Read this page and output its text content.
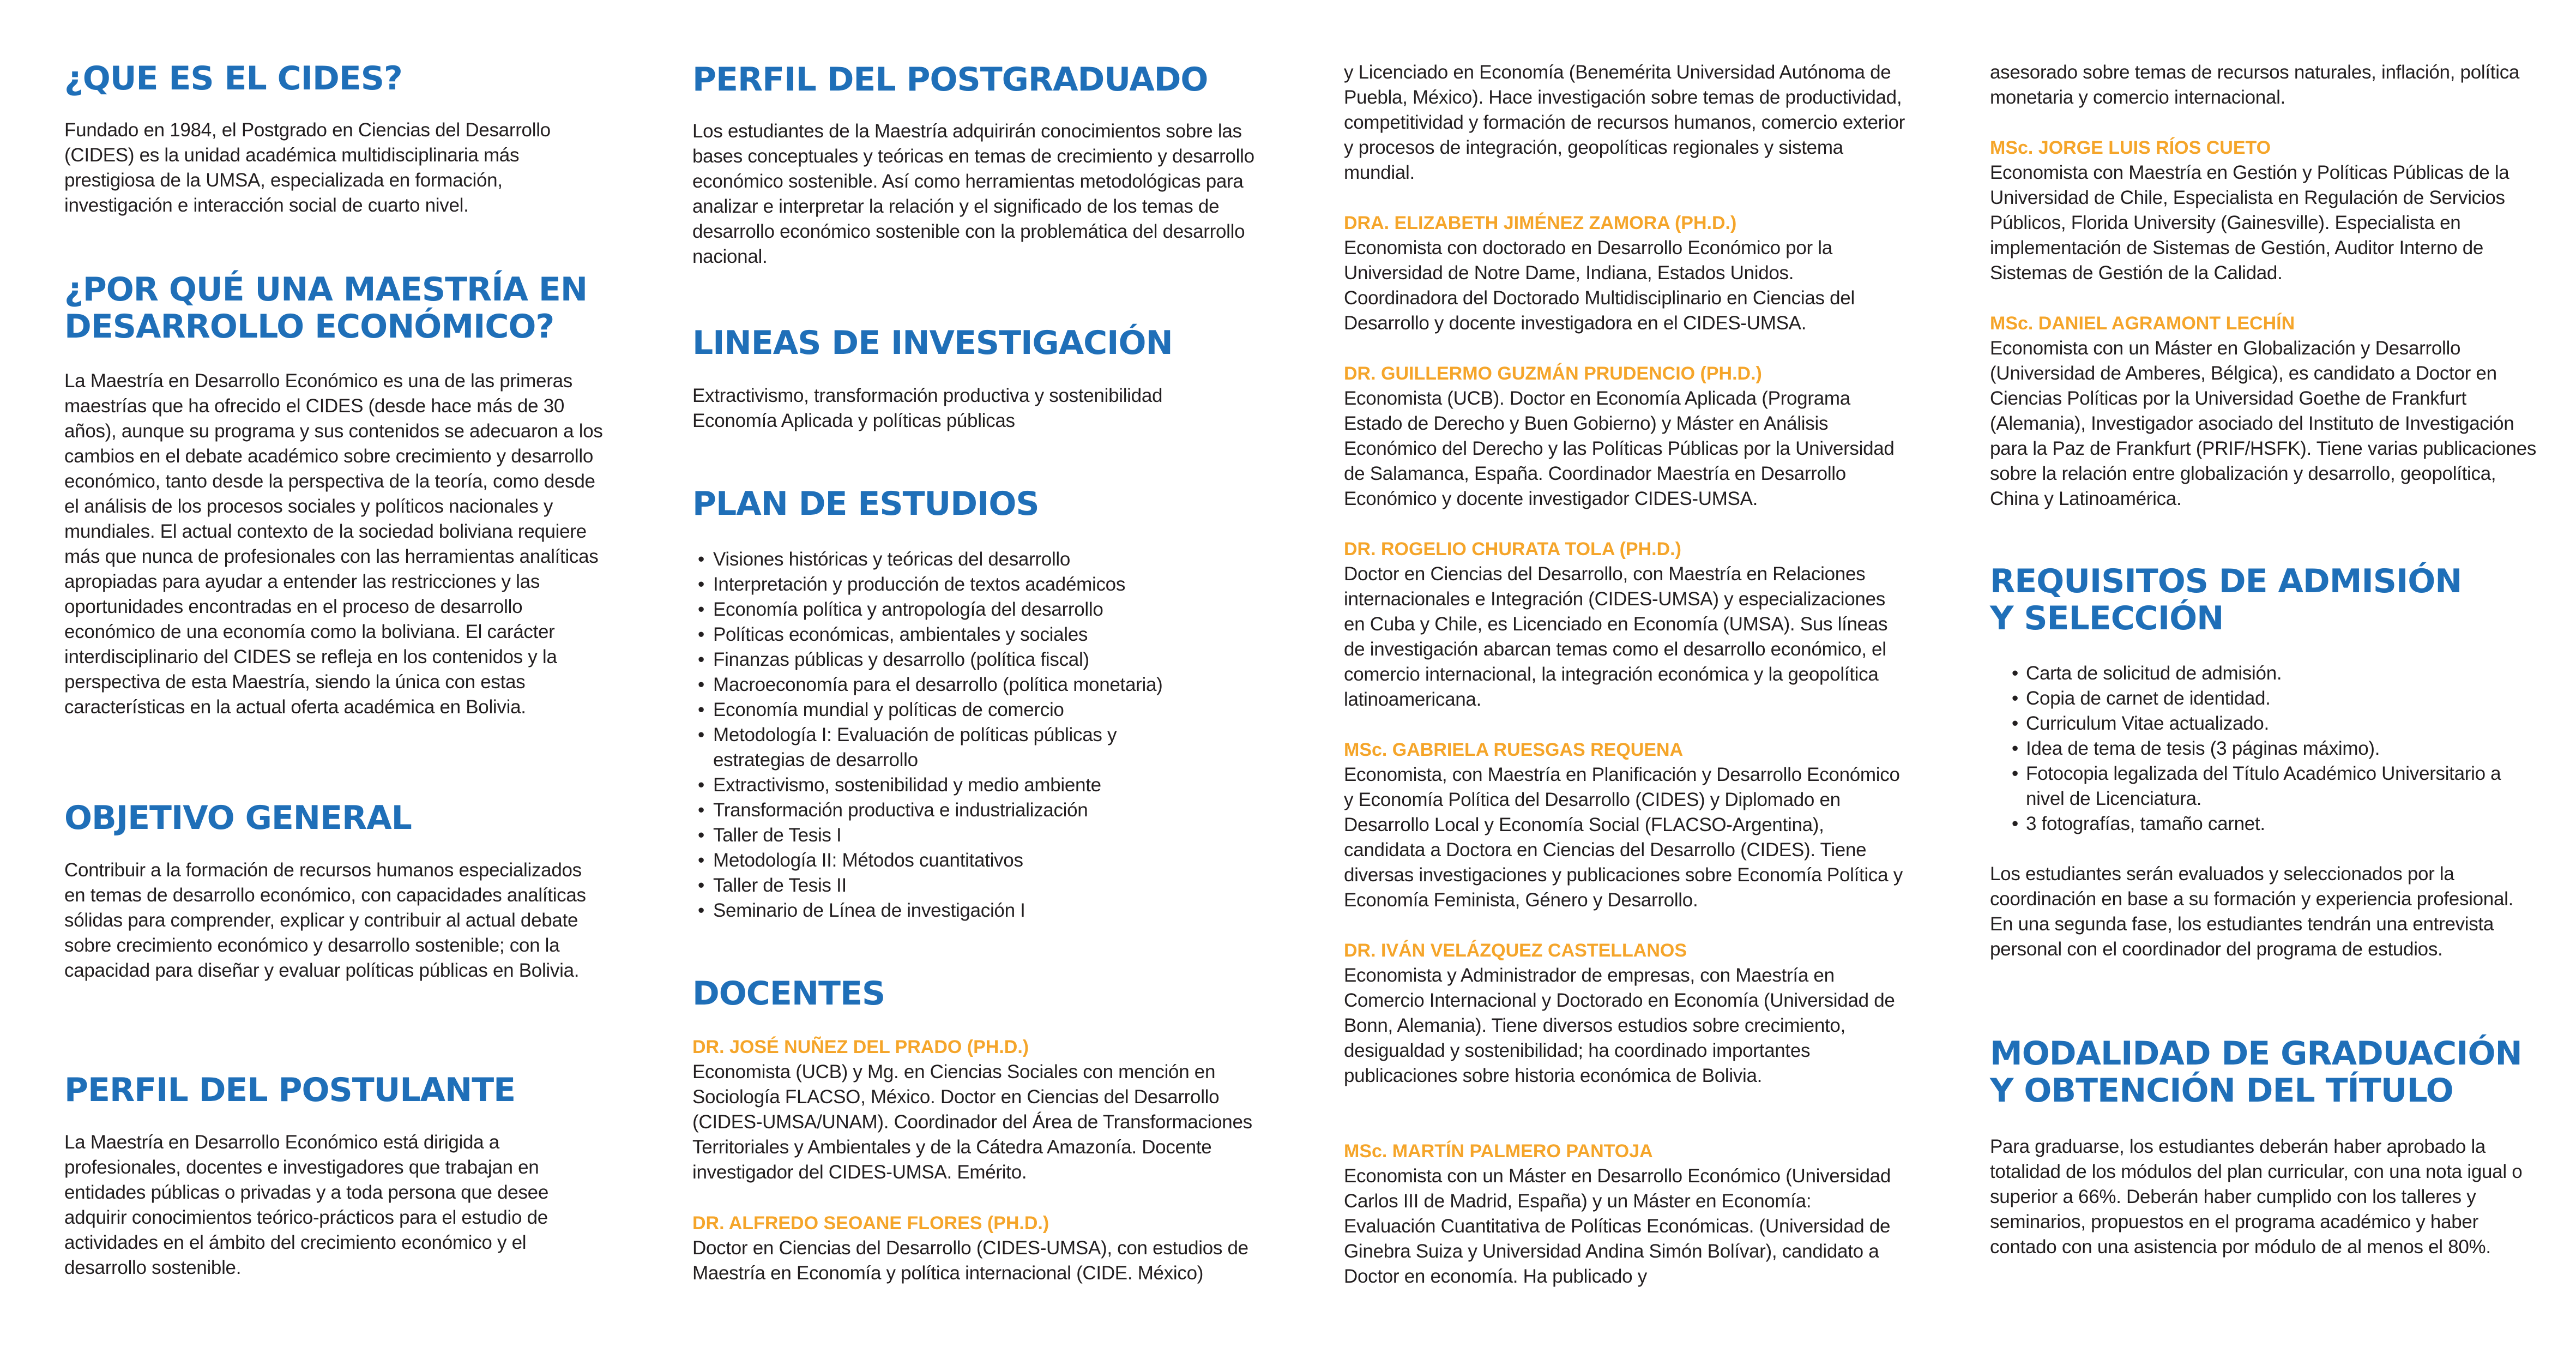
¿QUE ES EL CIDES?

Fundado en 1984, el Postgrado en Ciencias del Desarrollo (CIDES) es la unidad académica multidisciplinaria más prestigiosa de la UMSA, especializada en formación, investigación e interacción social de cuarto nivel.

¿POR QUÉ UNA MAESTRÍA EN
DESARROLLO ECONÓMICO?

La Maestría en Desarrollo Económico es una de las primeras maestrías que ha ofrecido el CIDES (desde hace más de 30 años), aunque su programa y sus contenidos se adecuaron a los cambios en el debate académico sobre crecimiento y desarrollo económico, tanto desde la perspectiva de la teoría, como desde el análisis de los procesos sociales y políticos nacionales y mundiales. El actual contexto de la sociedad boliviana requiere más que nunca de profesionales con las herramientas analíticas apropiadas para ayudar a entender las restricciones y las oportunidades encontradas en el proceso de desarrollo económico de una economía como la boliviana. El carácter interdisciplinario del CIDES se refleja en los contenidos y la perspectiva de esta Maestría, siendo la única con estas características en la actual oferta académica en Bolivia.

OBJETIVO GENERAL

Contribuir a la formación de recursos humanos especializados en temas de desarrollo económico, con capacidades analíticas sólidas para comprender, explicar y contribuir al actual debate sobre crecimiento económico y desarrollo sostenible; con la capacidad para diseñar y evaluar políticas públicas en Bolivia.

PERFIL DEL POSTULANTE

La Maestría en Desarrollo Económico está dirigida a profesionales, docentes e investigadores que trabajan en entidades públicas o privadas y a toda persona que desee adquirir conocimientos teórico-prácticos para el estudio de actividades en el ámbito del crecimiento económico y el desarrollo sostenible.

PERFIL DEL POSTGRADUADO

Los estudiantes de la Maestría adquirirán conocimientos sobre las bases conceptuales y teóricas en temas de crecimiento y desarrollo económico sostenible. Así como herramientas metodológicas para analizar e interpretar la relación y el significado de los temas de desarrollo económico sostenible con la problemática del desarrollo nacional.

LINEAS DE INVESTIGACIÓN

Extractivismo, transformación productiva y sostenibilidad

Economía Aplicada y políticas públicas

PLAN DE ESTUDIOS
• Visiones históricas y teóricas del desarrollo
• Interpretación y producción de textos académicos
• Economía política y antropología del desarrollo
• Políticas económicas, ambientales y sociales
• Finanzas públicas y desarrollo (política fiscal)
• Macroeconomía para el desarrollo (política monetaria)
• Economía mundial y políticas de comercio
• Metodología I: Evaluación de políticas públicas y estrategias de desarrollo
• Extractivismo, sostenibilidad y medio ambiente
• Transformación productiva e industrialización
• Taller de Tesis I
• Metodología II: Métodos cuantitativos
• Taller de Tesis II
• Seminario de Línea de investigación I
DOCENTES

DR. JOSÉ NUÑEZ DEL PRADO (PH.D.)

Economista (UCB) y Mg. en Ciencias Sociales con mención en Sociología FLACSO, México. Doctor en Ciencias del Desarrollo (CIDES-UMSA/UNAM). Coordinador del Área de Transformaciones Territoriales y Ambientales y de la Cátedra Amazonía. Docente investigador del CIDES-UMSA. Emérito.

DR. ALFREDO SEOANE FLORES (PH.D.)

Doctor en Ciencias del Desarrollo (CIDES-UMSA), con estudios de Maestría en Economía y política internacional (CIDE. México)

y Licenciado en Economía (Benemérita Universidad Autónoma de Puebla, México). Hace investigación sobre temas de productividad, competitividad y formación de recursos humanos, comercio exterior y procesos de integración, geopolíticas regionales y sistema mundial.

DRA. ELIZABETH JIMÉNEZ ZAMORA (PH.D.)

Economista con doctorado en Desarrollo Económico por la Universidad de Notre Dame, Indiana, Estados Unidos. Coordinadora del Doctorado Multidisciplinario en Ciencias del Desarrollo y docente investigadora en el CIDES-UMSA.

DR. GUILLERMO GUZMÁN PRUDENCIO (PH.D.)

Economista (UCB). Doctor en Economía Aplicada (Programa Estado de Derecho y Buen Gobierno) y Máster en Análisis Económico del Derecho y las Políticas Públicas por la Universidad de Salamanca, España. Coordinador Maestría en Desarrollo Económico y docente investigador CIDES-UMSA.

DR. ROGELIO CHURATA TOLA (PH.D.)

Doctor en Ciencias del Desarrollo, con Maestría en Relaciones internacionales e Integración (CIDES-UMSA) y especializaciones en Cuba y Chile, es Licenciado en Economía (UMSA). Sus líneas de investigación abarcan temas como el desarrollo económico, el comercio internacional, la integración económica y la geopolítica latinoamericana.

MSc. GABRIELA RUESGAS REQUENA

Economista, con Maestría en Planificación y Desarrollo Económico y Economía Política del Desarrollo (CIDES) y Diplomado en Desarrollo Local y Economía Social (FLACSO-Argentina), candidata a Doctora en Ciencias del Desarrollo (CIDES). Tiene diversas investigaciones y publicaciones sobre Economía Política y Economía Feminista, Género y Desarrollo.

DR. IVÁN VELÁZQUEZ CASTELLANOS

Economista y Administrador de empresas, con Maestría en Comercio Internacional y Doctorado en Economía (Universidad de Bonn, Alemania). Tiene diversos estudios sobre crecimiento, desigualdad y sostenibilidad; ha coordinado importantes publicaciones sobre historia económica de Bolivia.

MSc. MARTÍN PALMERO PANTOJA

Economista con un Máster en Desarrollo Económico (Universidad Carlos III de Madrid, España) y un Máster en Economía: Evaluación Cuantitativa de Políticas Económicas. (Universidad de Ginebra Suiza y Universidad Andina Simón Bolívar), candidato a Doctor en economía. Ha publicado y

asesorado sobre temas de recursos naturales, inflación, política monetaria y comercio internacional.

MSc. JORGE LUIS RÍOS CUETO

Economista con Maestría en Gestión y Políticas Públicas de la Universidad de Chile, Especialista en Regulación de Servicios Públicos, Florida University (Gainesville). Especialista en implementación de Sistemas de Gestión, Auditor Interno de Sistemas de Gestión de la Calidad.

MSc. DANIEL AGRAMONT LECHÍN

Economista con un Máster en Globalización y Desarrollo (Universidad de Amberes, Bélgica), es candidato a Doctor en Ciencias Políticas por la Universidad Goethe de Frankfurt (Alemania), Investigador asociado del Instituto de Investigación para la Paz de Frankfurt (PRIF/HSFK). Tiene varias publicaciones sobre la relación entre globalización y desarrollo, geopolítica, China y Latinoamérica.

REQUISITOS DE ADMISIÓN
Y SELECCIÓN
• Carta de solicitud de admisión.
• Copia de carnet de identidad.
• Curriculum Vitae actualizado.
• Idea de tema de tesis (3 páginas máximo).
• Fotocopia legalizada del Título Académico Universitario a nivel de Licenciatura.
• 3 fotografías, tamaño carnet.

Los estudiantes serán evaluados y seleccionados por la coordinación en base a su formación y experiencia profesional. En una segunda fase, los estudiantes tendrán una entrevista personal con el coordinador del programa de estudios.

MODALIDAD DE GRADUACIÓN
Y OBTENCIÓN DEL TÍTULO

Para graduarse, los estudiantes deberán haber aprobado la totalidad de los módulos del plan curricular, con una nota igual o superior a 66%. Deberán haber cumplido con los talleres y seminarios, propuestos en el programa académico y haber contado con una asistencia por módulo de al menos el 80%.
